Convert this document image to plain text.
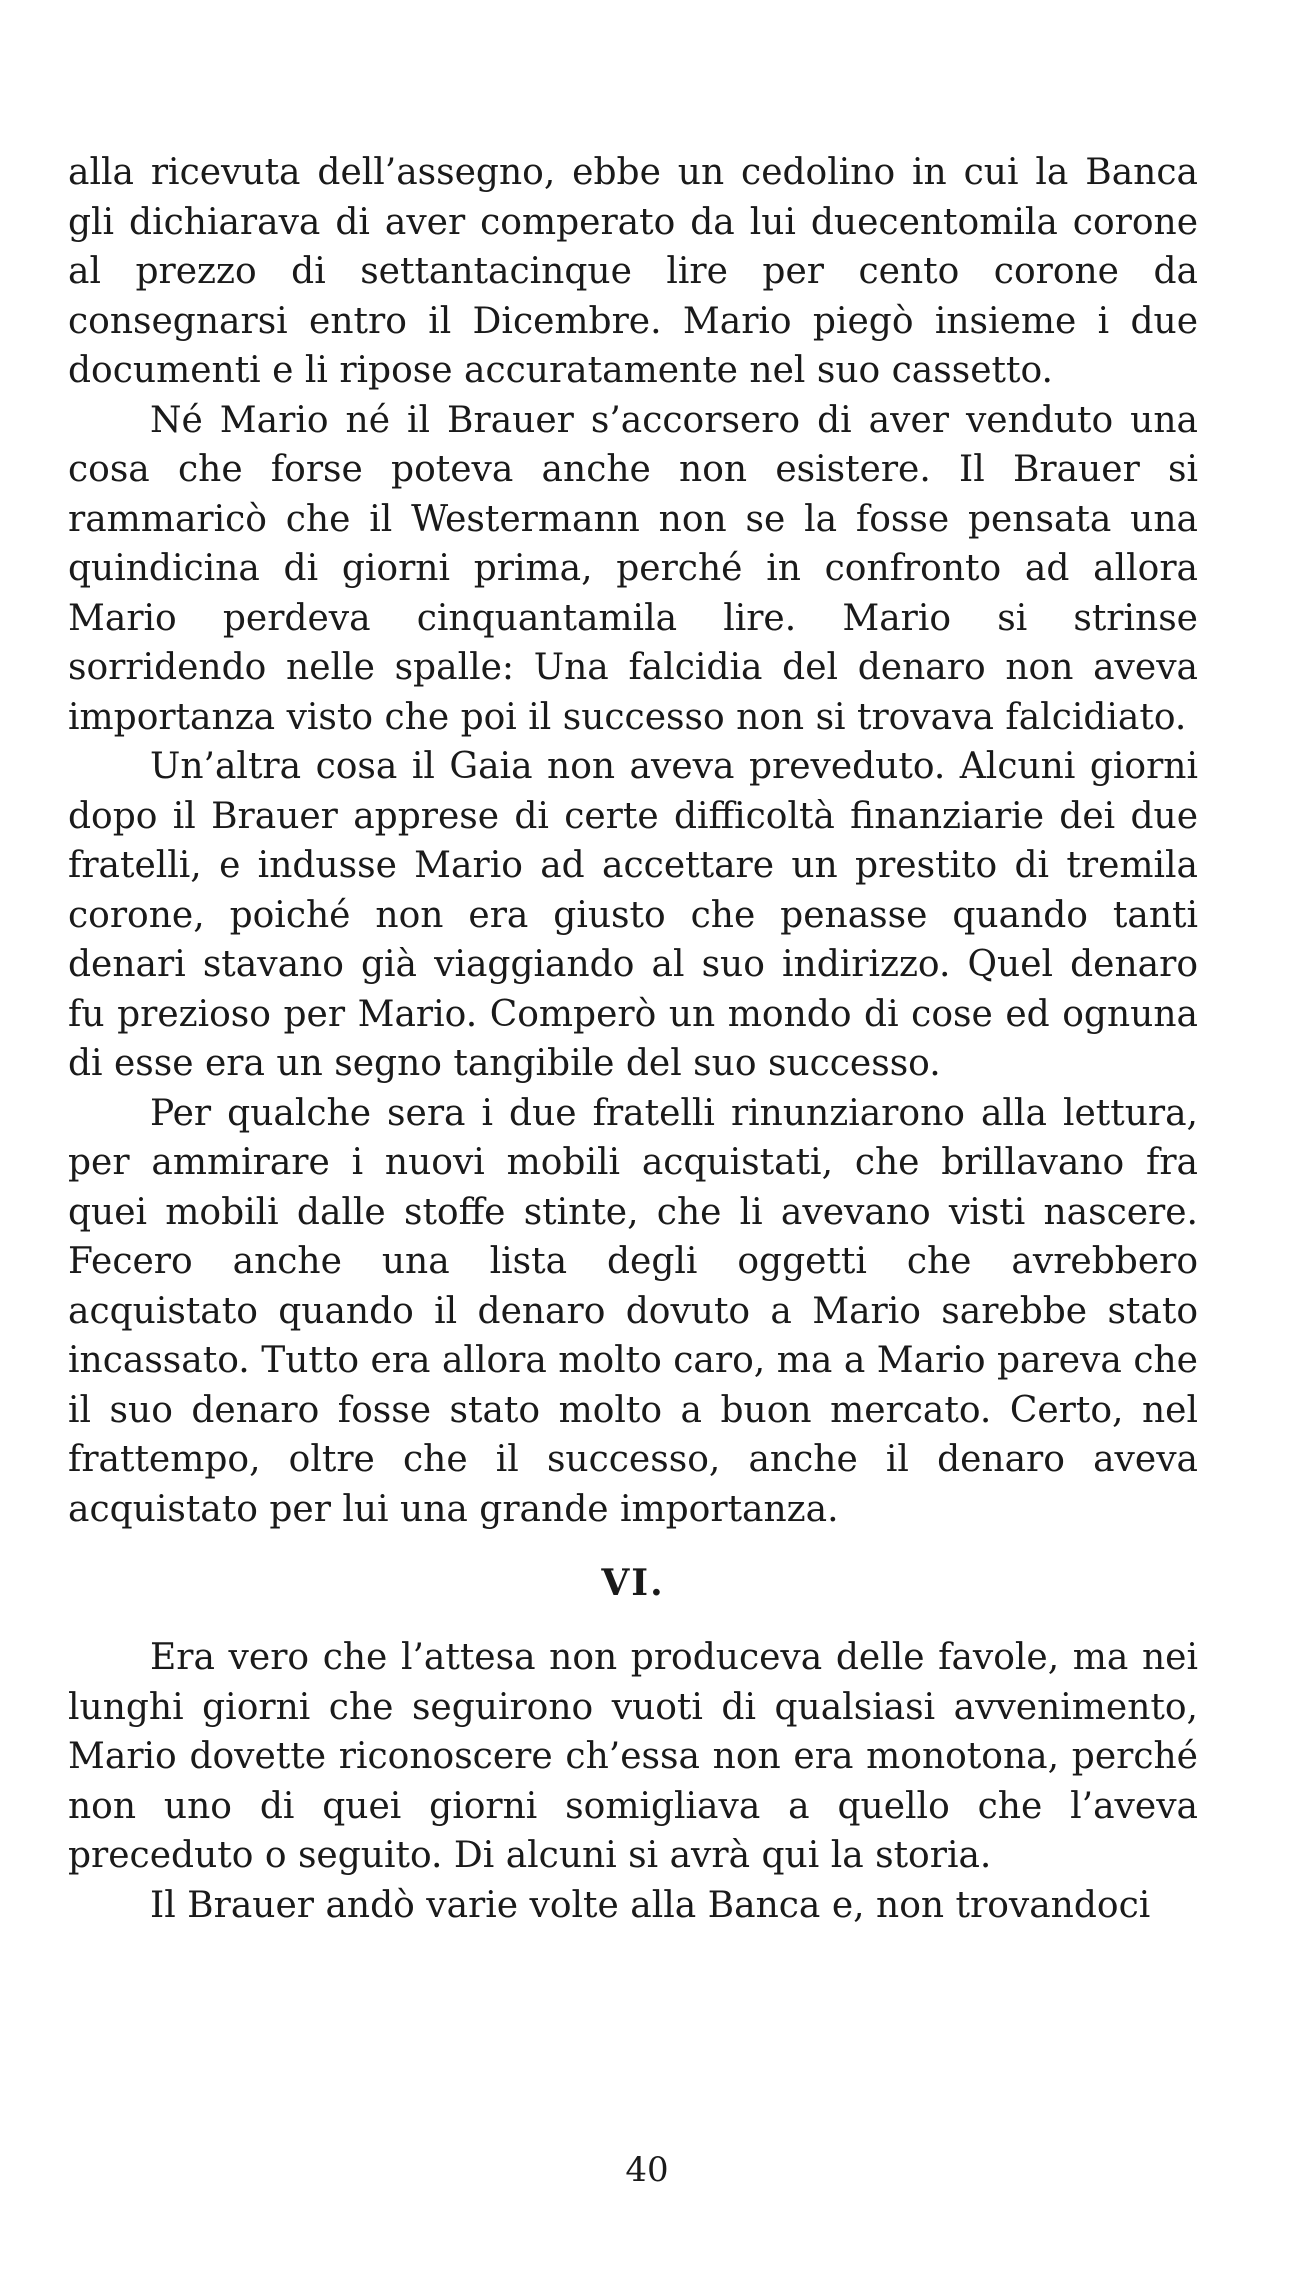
alla ricevuta dell’assegno, ebbe un cedolino in cui la Banca gli dichiarava di aver comperato da lui duecentomila corone al prezzo di settantacinque lire per cento corone da consegnarsi entro il Dicembre. Mario piegò insieme i due documenti e li ripose accuratamente nel suo cassetto.

Né Mario né il Brauer s’accorsero di aver venduto una cosa che forse poteva anche non esistere. Il Brauer si rammaricò che il Westermann non se la fosse pensata una quindicina di giorni prima, perché in confronto ad allora Mario perdeva cinquantamila lire. Mario si strinse sorridendo nelle spalle: Una falcidia del denaro non aveva importanza visto che poi il successo non si trovava falcidiato.

Un’altra cosa il Gaia non aveva preveduto. Alcuni giorni dopo il Brauer apprese di certe difficoltà finanziarie dei due fratelli, e indusse Mario ad accettare un prestito di tremila corone, poiché non era giusto che penasse quando tanti denari stavano già viaggiando al suo indirizzo. Quel denaro fu prezioso per Mario. Comperò un mondo di cose ed ognuna di esse era un segno tangibile del suo successo.

Per qualche sera i due fratelli rinunziarono alla lettura, per ammirare i nuovi mobili acquistati, che brillavano fra quei mobili dalle stoffe stinte, che li avevano visti nascere. Fecero anche una lista degli oggetti che avrebbero acquistato quando il denaro dovuto a Mario sarebbe stato incassato. Tutto era allora molto caro, ma a Mario pareva che il suo denaro fosse stato molto a buon mercato. Certo, nel frattempo, oltre che il successo, anche il denaro aveva acquistato per lui una grande importanza.

VI.

Era vero che l’attesa non produceva delle favole, ma nei lunghi giorni che seguirono vuoti di qualsiasi avvenimento, Mario dovette riconoscere ch’essa non era monotona, perché non uno di quei giorni somigliava a quello che l’aveva preceduto o seguito. Di alcuni si avrà qui la storia.

Il Brauer andò varie volte alla Banca e, non trovandoci

40
